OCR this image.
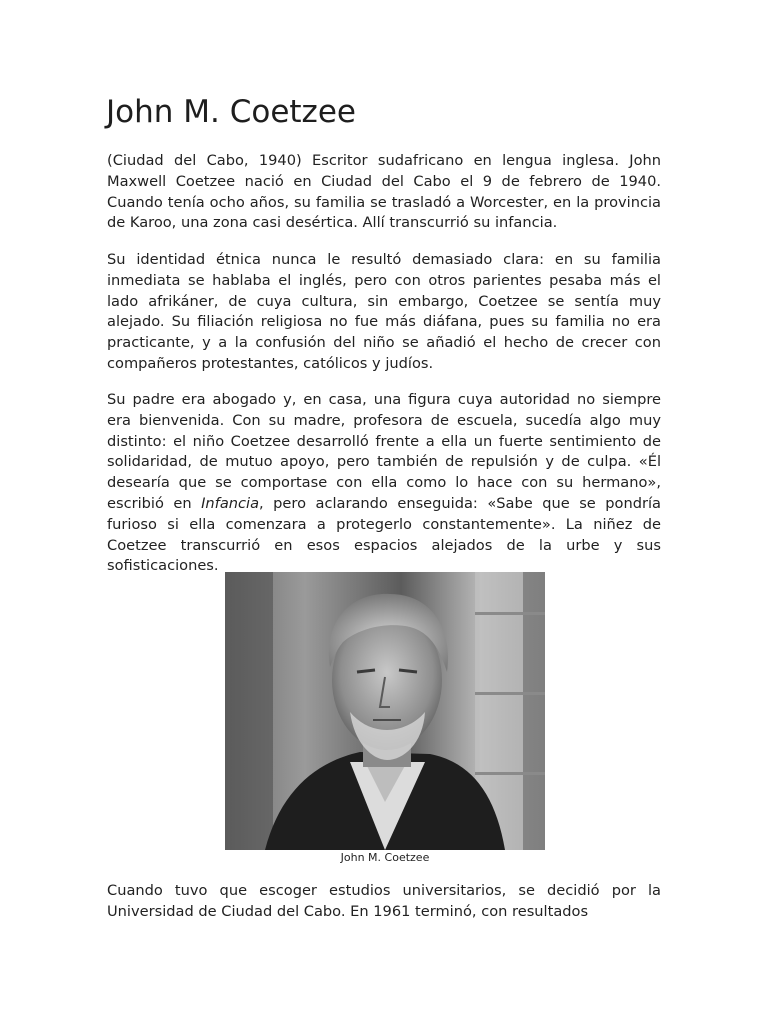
John M. Coetzee

(Ciudad del Cabo, 1940) Escritor sudafricano en lengua inglesa. John Maxwell Coetzee nació en Ciudad del Cabo el 9 de febrero de 1940. Cuando tenía ocho años, su familia se trasladó a Worcester, en la provincia de Karoo, una zona casi desértica. Allí transcurrió su infancia.

Su identidad étnica nunca le resultó demasiado clara: en su familia inmediata se hablaba el inglés, pero con otros parientes pesaba más el lado afrikáner, de cuya cultura, sin embargo, Coetzee se sentía muy alejado. Su filiación religiosa no fue más diáfana, pues su familia no era practicante, y a la confusión del niño se añadió el hecho de crecer con compañeros protestantes, católicos y judíos.

Su padre era abogado y, en casa, una figura cuya autoridad no siempre era bienvenida. Con su madre, profesora de escuela, sucedía algo muy distinto: el niño Coetzee desarrolló frente a ella un fuerte sentimiento de solidaridad, de mutuo apoyo, pero también de repulsión y de culpa. «Él desearía que se comportase con ella como lo hace con su hermano», escribió en Infancia, pero aclarando enseguida: «Sabe que se pondría furioso si ella comenzara a protegerlo constantemente». La niñez de Coetzee transcurrió en esos espacios alejados de la urbe y sus sofisticaciones.

John M. Coetzee

Cuando tuvo que escoger estudios universitarios, se decidió por la Universidad de Ciudad del Cabo. En 1961 terminó, con resultados
